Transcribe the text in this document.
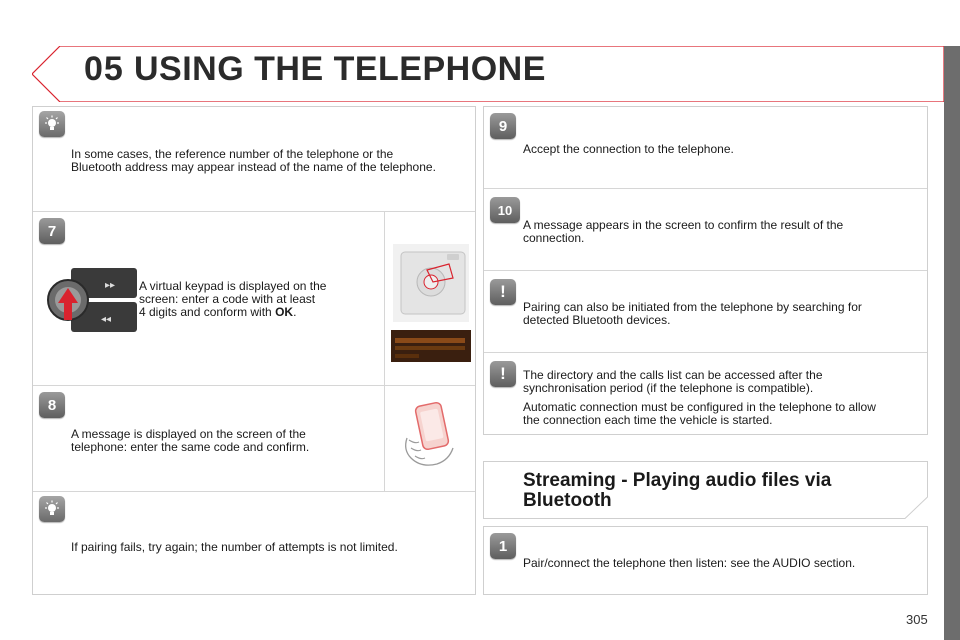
05 USING THE TELEPHONE
In some cases, the reference number of the telephone or the
Bluetooth address may appear instead of the name of the telephone.
7
▸▸
◂◂
A virtual keypad is displayed on the
screen: enter a code with at least
4 digits and conform with OK.
8
A message is displayed on the screen of the
telephone: enter the same code and confirm.
If pairing fails, try again; the number of attempts is not limited.
9
Accept the connection to the telephone.
10
A message appears in the screen to confirm the result of the
connection.
!
Pairing can also be initiated from the telephone by searching for
detected Bluetooth devices.
!	The directory and the calls list can be accessed after the
synchronisation period (if the telephone is compatible).

Automatic connection must be configured in the telephone to allow
the connection each time the vehicle is started.

Streaming - Playing audio files via
Bluetooth
1
Pair/connect the telephone then listen: see the AUDIO section.
305
